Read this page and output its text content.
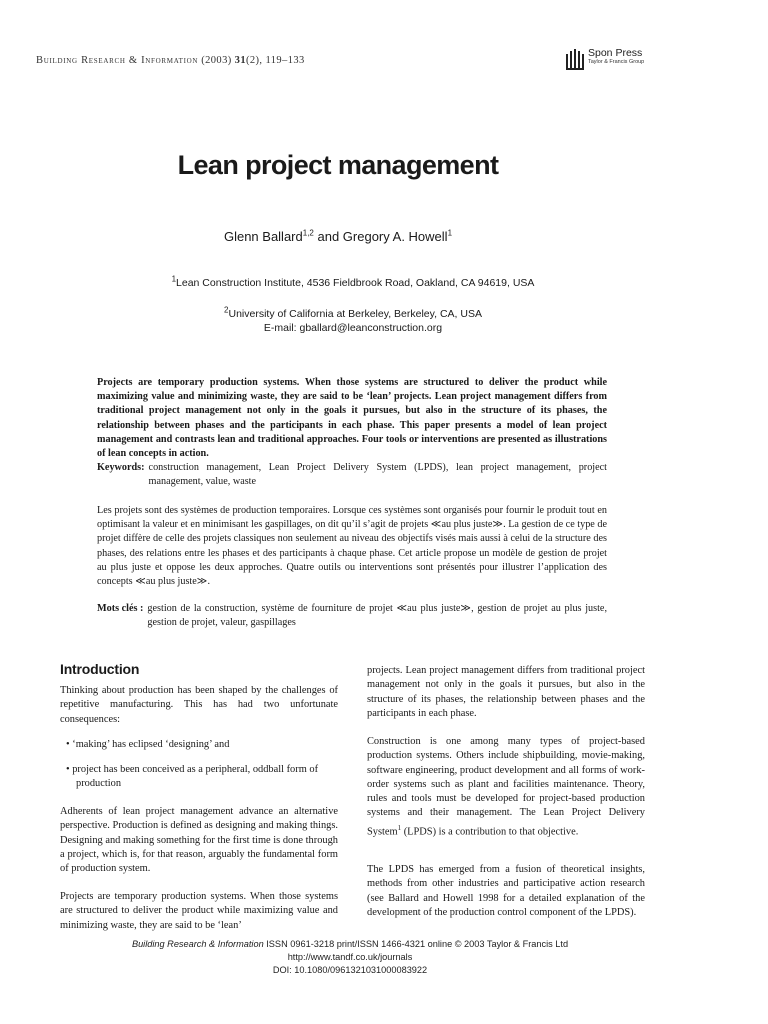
Building Research & Information (2003) 31(2), 119–133
Spon Press
Taylor & Francis Group
Lean project management
Glenn Ballard$^{1,2}$ and Gregory A. Howell$^1$
$^1$Lean Construction Institute, 4536 Fieldbrook Road, Oakland, CA 94619, USA
$^2$University of California at Berkeley, Berkeley, CA, USA
E-mail: gballard@leanconstruction.org
Projects are temporary production systems. When those systems are structured to deliver the product while maximizing value and minimizing waste, they are said to be ‘lean’ projects. Lean project management differs from traditional project management not only in the goals it pursues, but also in the structure of its phases, the relationship between phases and the participants in each phase. This paper presents a model of lean project management and contrasts lean and traditional approaches. Four tools or interventions are presented as illustrations of lean concepts in action.
Keywords: construction management, Lean Project Delivery System (LPDS), lean project management, project management, value, waste
Les projets sont des systèmes de production temporaires. Lorsque ces systèmes sont organisés pour fournir le produit tout en optimisant la valeur et en minimisant les gaspillages, on dit qu’il s’agit de projets ≪au plus juste≫. La gestion de ce type de projet diffère de celle des projets classiques non seulement au niveau des objectifs visés mais aussi à celui de la structure des phases, des relations entre les phases et des participants à chaque phase. Cet article propose un modèle de gestion de projet au plus juste et oppose les deux approches. Quatre outils ou interventions sont présentés pour illustrer l’application des concepts ≪au plus juste≫.
Mots clés : gestion de la construction, système de fourniture de projet ≪au plus juste≫, gestion de projet au plus juste, gestion de projet, valeur, gaspillages
Introduction

Thinking about production has been shaped by the challenges of repetitive manufacturing. This has had two unfortunate consequences:

• ‘making’ has eclipsed ‘designing’ and
• project has been conceived as a peripheral, oddball form of production

Adherents of lean project management advance an alternative perspective. Production is defined as designing and making things. Designing and making something for the first time is done through a project, which is, for that reason, arguably the fundamental form of production system.

Projects are temporary production systems. When those systems are structured to deliver the product while maximizing value and minimizing waste, they are said to be ‘lean’

projects. Lean project management differs from traditional project management not only in the goals it pursues, but also in the structure of its phases, the relationship between phases and the participants in each phase.

Construction is one among many types of project-based production systems. Others include shipbuilding, movie-making, software engineering, product development and all forms of work-order systems such as plant and facilities maintenance. Theory, rules and tools must be developed for project-based production systems and their management. The Lean Project Delivery System$^1$ (LPDS) is a contribution to that objective.

The LPDS has emerged from a fusion of theoretical insights, methods from other industries and participative action research (see Ballard and Howell 1998 for a detailed explanation of the development of the production control component of the LPDS).

Building Research & Information ISSN 0961-3218 print/ISSN 1466-4321 online © 2003 Taylor & Francis Ltd
http://www.tandf.co.uk/journals
DOI: 10.1080/0961321031000083922
